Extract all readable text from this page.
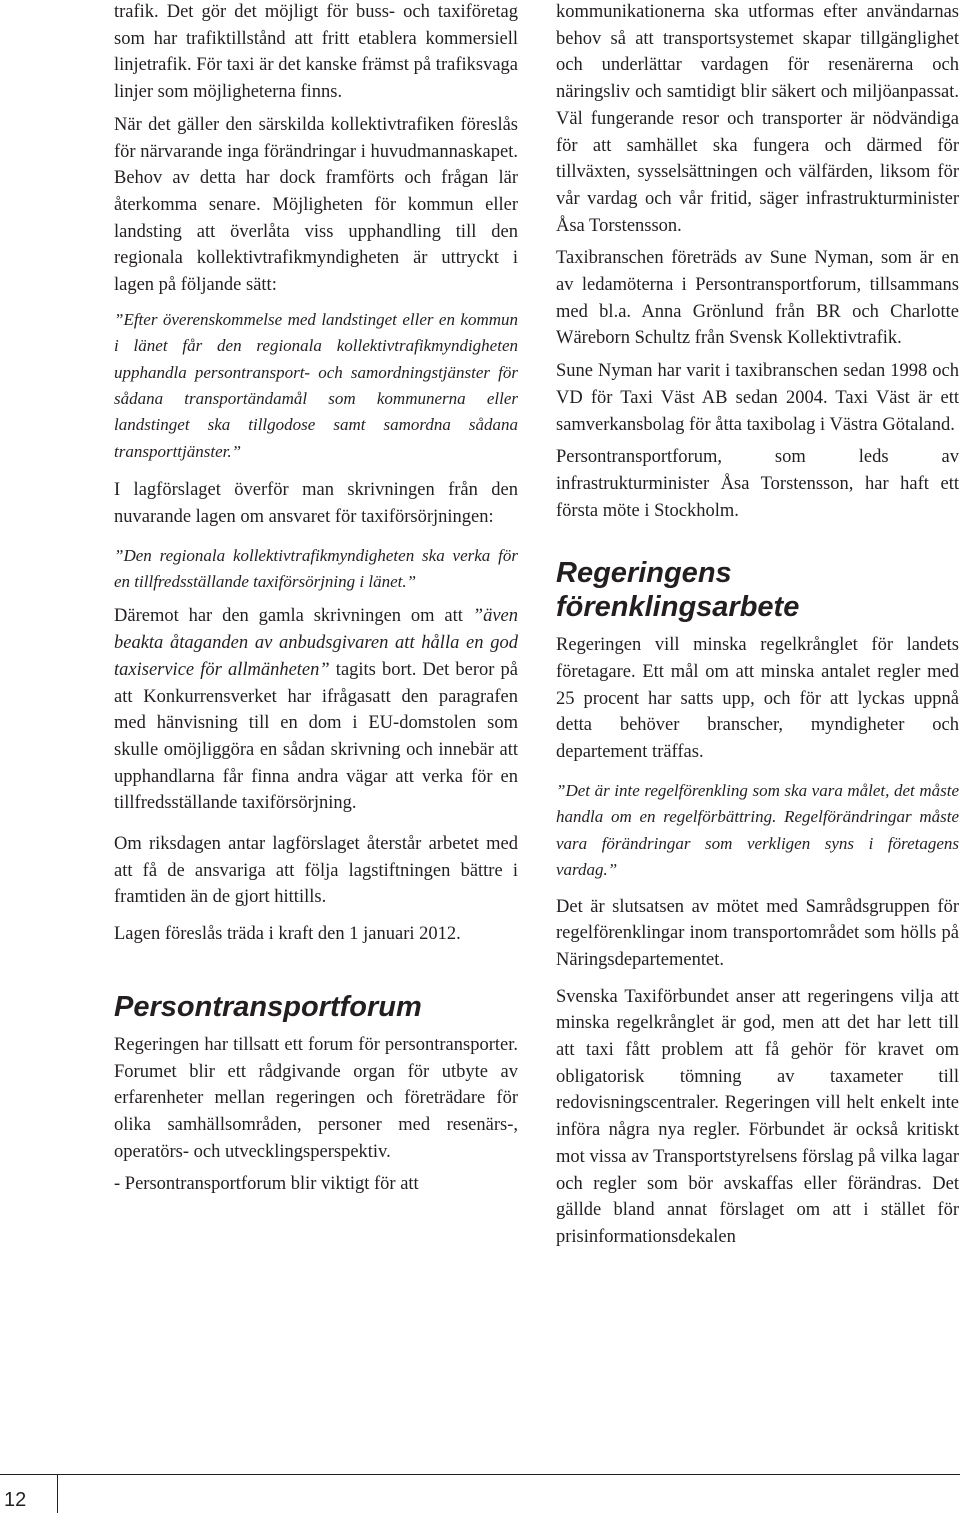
trafik. Det gör det möjligt för buss- och taxiföretag som har trafiktillstånd att fritt etablera kommersiell linjetrafik. För taxi är det kanske främst på trafiksvaga linjer som möjligheterna finns.

När det gäller den särskilda kollektivtrafiken föreslås för närvarande inga förändringar i huvudmannaskapet. Behov av detta har dock framförts och frågan lär återkomma senare. Möjligheten för kommun eller landsting att överlåta viss upphandling till den regionala kollektivtrafikmyndigheten är uttryckt i lagen på följande sätt:

”Efter överenskommelse med landstinget eller en kommun i länet får den regionala kollektivtrafikmyndigheten upphandla persontransport- och samordningstjänster för sådana transportändamål som kommunerna eller landstinget ska tillgodose samt samordna sådana transporttjänster.”

I lagförslaget överför man skrivningen från den nuvarande lagen om ansvaret för taxiförsörjningen:

”Den regionala kollektivtrafikmyndigheten ska verka för en tillfredsställande taxiförsörjning i länet.”

Däremot har den gamla skrivningen om att ”även beakta åtaganden av anbudsgivaren att hålla en god taxiservice för allmänheten” tagits bort. Det beror på att Konkurrensverket har ifrågasatt den paragrafen med hänvisning till en dom i EU-domstolen som skulle omöjliggöra en sådan skrivning och innebär att upphandlarna får finna andra vägar att verka för en tillfredsställande taxiförsörjning.

Om riksdagen antar lagförslaget återstår arbetet med att få de ansvariga att följa lagstiftningen bättre i framtiden än de gjort hittills.

Lagen föreslås träda i kraft den 1 januari 2012.

Persontransportforum

Regeringen har tillsatt ett forum för persontransporter. Forumet blir ett rådgivande organ för utbyte av erfarenheter mellan regeringen och företrädare för olika samhällsområden, personer med resenärs-, operatörs- och utvecklingsperspektiv.

- Persontransportforum blir viktigt för att

kommunikationerna ska utformas efter användarnas behov så att transportsystemet skapar tillgänglighet och underlättar vardagen för resenärerna och näringsliv och samtidigt blir säkert och miljöanpassat. Väl fungerande resor och transporter är nödvändiga för att samhället ska fungera och därmed för tillväxten, sysselsättningen och välfärden, liksom för vår vardag och vår fritid, säger infrastrukturminister Åsa Torstensson.

Taxibranschen företräds av Sune Nyman, som är en av ledamöterna i Persontransportforum, tillsammans med bl.a. Anna Grönlund från BR och Charlotte Wäreborn Schultz från Svensk Kollektivtrafik.

Sune Nyman har varit i taxibranschen sedan 1998 och VD för Taxi Väst AB sedan 2004. Taxi Väst är ett samverkansbolag för åtta taxibolag i Västra Götaland.

Persontransportforum, som leds av infrastrukturminister Åsa Torstensson, har haft ett första möte i Stockholm.

Regeringens förenklingsarbete

Regeringen vill minska regelkrånglet för landets företagare. Ett mål om att minska antalet regler med 25 procent har satts upp, och för att lyckas uppnå detta behöver branscher, myndigheter och departement träffas.

”Det är inte regelförenkling som ska vara målet, det måste handla om en regelförbättring. Regelförändringar måste vara förändringar som verkligen syns i företagens vardag.”

Det är slutsatsen av mötet med Samrådsgruppen för regelförenklingar inom transportområdet som hölls på Näringsdepartementet.

Svenska Taxiförbundet anser att regeringens vilja att minska regelkrånglet är god, men att det har lett till att taxi fått problem att få gehör för kravet om obligatorisk tömning av taxameter till redovisningscentraler. Regeringen vill helt enkelt inte införa några nya regler. Förbundet är också kritiskt mot vissa av Transportstyrelsens förslag på vilka lagar och regler som bör avskaffas eller förändras. Det gällde bland annat förslaget om att i stället för prisinformationsdekalen

12
